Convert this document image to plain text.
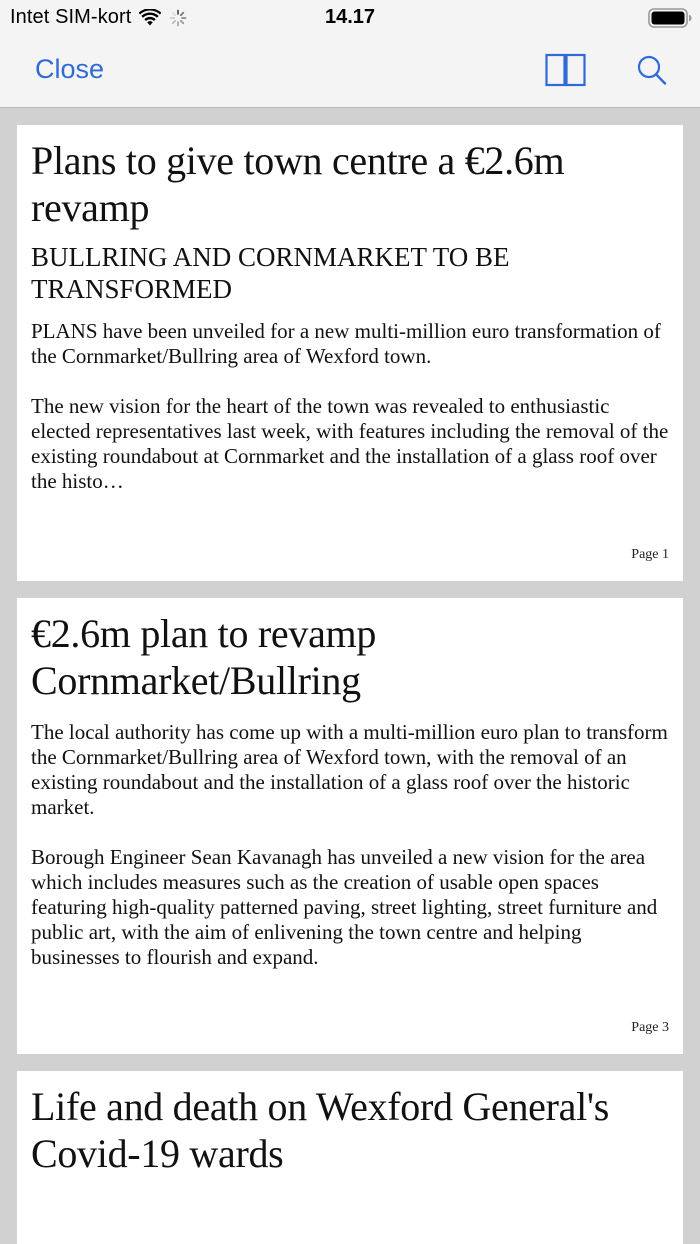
Intet SIM-kort	14.17
Close
Plans to give town centre a €2.6m revamp
BULLRING AND CORNMARKET TO BE TRANSFORMED

PLANS have been unveiled for a new multi-million euro transformation of the Cornmarket/Bullring area of Wexford town.

The new vision for the heart of the town was revealed to enthusiastic elected representatives last week, with features including the removal of the existing roundabout at Cornmarket and the installation of a glass roof over the histo…

Page 1
€2.6m plan to revamp Cornmarket/Bullring

The local authority has come up with a multi-million euro plan to transform the Cornmarket/Bullring area of Wexford town, with the removal of an existing roundabout and the installation of a glass roof over the historic market.

Borough Engineer Sean Kavanagh has unveiled a new vision for the area which includes measures such as the creation of usable open spaces featuring high-quality patterned paving, street lighting, street furniture and public art, with the aim of enlivening the town centre and helping businesses to flourish and expand.

Page 3
Life and death on Wexford General's Covid-19 wards
